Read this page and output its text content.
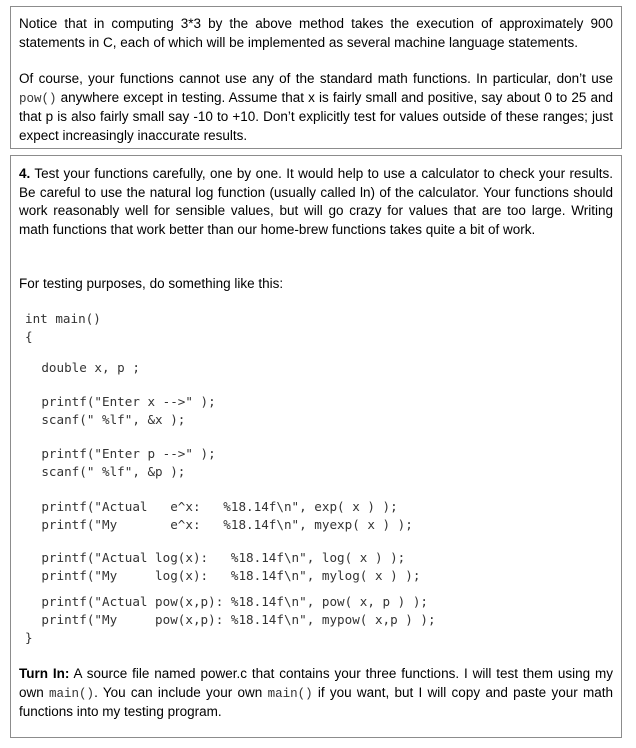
Notice that in computing 3*3 by the above method takes the execution of approximately 900 statements in C, each of which will be implemented as several machine language statements.

Of course, your functions cannot use any of the standard math functions. In particular, don’t use pow() anywhere except in testing. Assume that x is fairly small and positive, say about 0 to 25 and that p is also fairly small say -10 to +10. Don’t explicitly test for values outside of these ranges; just expect increasingly inaccurate results.

4. Test your functions carefully, one by one. It would help to use a calculator to check your results. Be careful to use the natural log function (usually called ln) of the calculator. Your functions should work reasonably well for sensible values, but will go crazy for values that are too large. Writing math functions that work better than our home-brew functions takes quite a bit of work.

For testing purposes, do something like this:

int main()
{
double x, p ;
printf("Enter x -->" );
scanf(" %lf", &x );
printf("Enter p -->" );
scanf(" %lf", &p );
printf("Actual   e^x:   %18.14f\n", exp( x ) );
printf("My       e^x:   %18.14f\n", myexp( x ) );
printf("Actual log(x):   %18.14f\n", log( x ) );
printf("My     log(x):   %18.14f\n", mylog( x ) );
printf("Actual pow(x,p): %18.14f\n", pow( x, p ) );
printf("My     pow(x,p): %18.14f\n", mypow( x,p ) );
}

Turn In: A source file named power.c that contains your three functions. I will test them using my own main(). You can include your own main() if you want, but I will copy and paste your math functions into my testing program.
